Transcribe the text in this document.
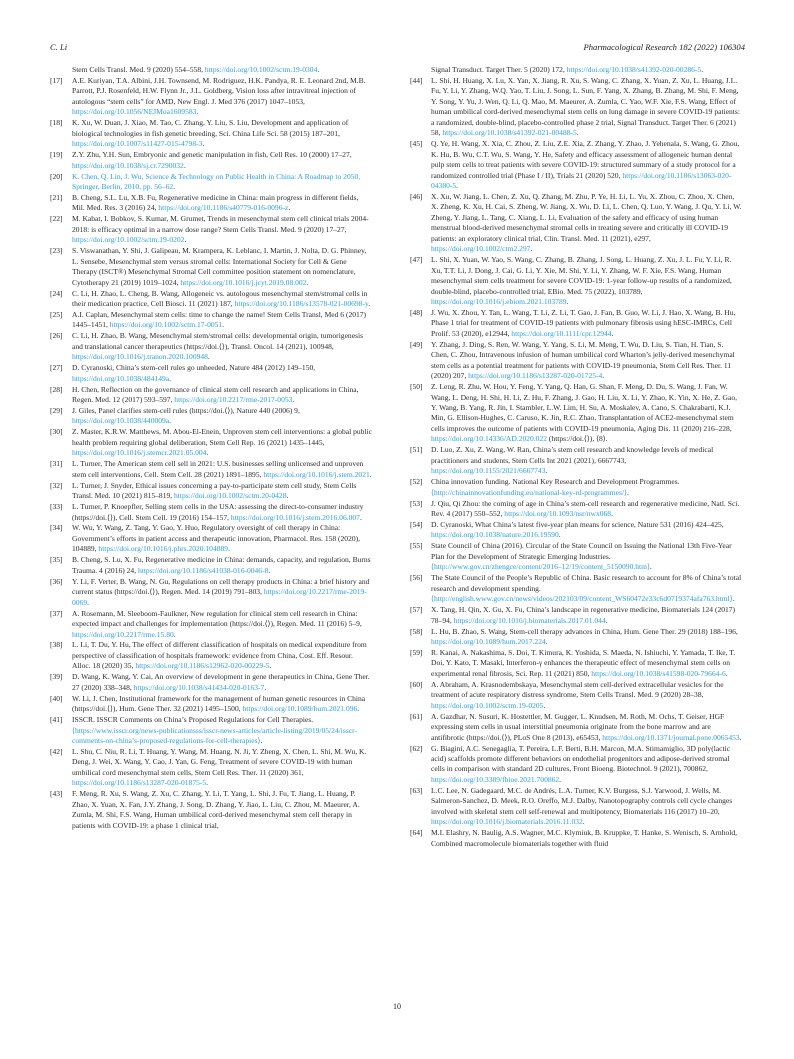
C. Li	Pharmacological Research 182 (2022) 106304
Stem Cells Transl. Med. 9 (2020) 554–558, https://doi.org/10.1002/sctm.19-0304.
[17] A.E. Kuriyan, T.A. Albini, J.H. Townsend, M. Rodriguez, H.K. Pandya, R. E. Leonard 2nd, M.B. Parrott, P.J. Rosenfeld, H.W. Flynn Jr., J.L. Goldberg, Vision loss after intravitreal injection of autologous “stem cells” for AMD, New Engl. J. Med 376 (2017) 1047–1053, https://doi.org/10.1056/NEJMoa1609583.
[18] K. Xu, W. Duan, J. Xiao, M. Tao, C. Zhang, Y. Liu, S. Liu, Development and application of biological technologies in fish genetic breeding, Sci. China Life Sci. 58 (2015) 187–201, https://doi.org/10.1007/s11427-015-4798-3.
[19] Z.Y. Zhu, Y.H. Sun, Embryonic and genetic manipulation in fish, Cell Res. 10 (2000) 17–27, https://doi.org/10.1038/sj.cr.7290032.
[20] K. Chen, Q. Lin, J. Wu, Science & Technology on Public Health in China: A Roadmap to 2050, Springer, Berlin, 2010, pp. 56–62.
[21] B. Cheng, S.L. Lu, X.B. Fu, Regenerative medicine in China: main progress in different fields, Mil. Med. Res. 3 (2016) 24, https://doi.org/10.1186/s40779-016-0096-z.
[22] M. Kabat, I. Bobkov, S. Kumar, M. Grumet, Trends in mesenchymal stem cell clinical trials 2004-2018: is efficacy optimal in a narrow dose range? Stem Cells Transl. Med. 9 (2020) 17–27, https://doi.org/10.1002/sctm.19-0202.
[23] S. Viswanathan, Y. Shi, J. Galipeau, M. Krampera, K. Leblanc, I. Martin, J. Nolta, D. G. Phinney, L. Sensebe, Mesenchymal stem versus stromal cells: International Society for Cell & Gene Therapy (ISCT®) Mesenchymal Stromal Cell committee position statement on nomenclature, Cytotherapy 21 (2019) 1019–1024, https://doi.org/10.1016/j.jcyt.2019.08.002.
[24] C. Li, H. Zhao, L. Cheng, B. Wang, Allogeneic vs. autologous mesenchymal stem/stromal cells in their medication practice, Cell Biosci. 11 (2021) 187, https://doi.org/10.1186/s13578-021-00698-y.
[25] A.I. Caplan, Mesenchymal stem cells: time to change the name! Stem Cells Transl, Med 6 (2017) 1445–1451, https://doi.org/10.1002/sctm.17-0051.
[26] C. Li, H. Zhao, B. Wang, Mesenchymal stem/stromal cells: developmental origin, tumorigenesis and translational cancer therapeutics (https://doi.⟨⟩), Transl. Oncol. 14 (2021), 100948, https://doi.org/10.1016/j.tranon.2020.100948.
[27] D. Cyranoski, China’s stem-cell rules go unheeded, Nature 484 (2012) 149–150, https://doi.org/10.1038/484149a.
[28] H. Chen, Reflection on the governance of clinical stem cell research and applications in China, Regen. Med. 12 (2017) 593–597, https://doi.org/10.2217/rme-2017-0053.
[29] J. Giles, Panel clarifies stem-cell rules (https://doi.⟨⟩), Nature 440 (2006) 9, https://doi.org/10.1038/440009a.
[30] Z. Master, K.R.W. Matthews, M. Abou-El-Enein, Unproven stem cell interventions: a global public health problem requiring global deliberation, Stem Cell Rep. 16 (2021) 1435–1445, https://doi.org/10.1016/j.stemcr.2021.05.004.
[31] L. Turner, The American stem cell sell in 2021: U.S. businesses selling unlicensed and unproven stem cell interventions, Cell. Stem Cell. 28 (2021) 1891–1895, https://doi.org/10.1016/j.stem.2021.
[32] L. Turner, J. Snyder, Ethical issues concerning a pay-to-participate stem cell study, Stem Cells Transl. Med. 10 (2021) 815–819, https://doi.org/10.1002/sctm.20-0428.
[33] L. Turner, P. Knoepfler, Selling stem cells in the USA: assessing the direct-to-consumer industry (https://doi.⟨⟩), Cell. Stem Cell. 19 (2016) 154–157, https://doi.org/10.1016/j.stem.2016.06.007.
[34] W. Wu, Y. Wang, Z. Tang, Y. Gao, Y. Huo, Regulatory oversight of cell therapy in China: Government’s efforts in patient access and therapeutic innovation, Pharmacol. Res. 158 (2020), 104889, https://doi.org/10.1016/j.phrs.2020.104889.
[35] B. Cheng, S. Lu, X. Fu, Regenerative medicine in China: demands, capacity, and regulation, Burns Trauma. 4 (2016) 24, https://doi.org/10.1186/s41038-016-0046-8.
[36] Y. Li, F. Verter, B. Wang, N. Gu, Regulations on cell therapy products in China: a brief history and current status (https://doi.⟨⟩), Regen. Med. 14 (2019) 791–803, https://doi.org/10.2217/rme-2019-0069.
[37] A. Rosemann, M. Sleeboom-Faulkner, New regulation for clinical stem cell research in China: expected impact and challenges for implementation (https://doi.⟨⟩), Regen. Med. 11 (2016) 5–9, https://doi.org/10.2217/rme.15.80.
[38] L. Li, T. Du, Y. Hu, The effect of different classification of hospitals on medical expenditure from perspective of classification of hospitals framework: evidence from China, Cost. Eff. Resour. Alloc. 18 (2020) 35, https://doi.org/10.1186/s12962-020-00229-5.
[39] D. Wang, K. Wang, Y. Cai, An overview of development in gene therapeutics in China, Gene Ther. 27 (2020) 338–348, https://doi.org/10.1038/s41434-020-0163-7.
[40] W. Li, J. Chen, Institutional framework for the management of human genetic resources in China (https://doi.⟨⟩), Hum. Gene Ther. 32 (2021) 1495–1500, https://doi.org/10.1089/hum.2021.096.
[41] ISSCR. ISSCR Comments on China’s Proposed Regulations for Cell Therapies. ⟨https://www.isscr.org/news-publicationsss/isscr-news-articles/article-listing/2019/05/24/isscr-comments-on-china’s-proposed-regulations-for-cell-therapies⟩.
[42] L. Shu, C. Niu, R. Li, T. Huang, Y. Wang, M. Huang, N. Ji, Y. Zheng, X. Chen, L. Shi, M. Wu, K. Deng, J. Wei, X. Wang, Y. Cao, J. Yan, G. Feng, Treatment of severe COVID-19 with human umbilical cord mesenchymal stem cells, Stem Cell Res. Ther. 11 (2020) 361, https://doi.org/10.1186/s13287-020-01875-5.
[43] F. Meng, R. Xu, S. Wang, Z. Xu, C. Zhang, Y. Li, T. Yang, L. Shi, J. Fu, T. Jiang, L. Huang, P. Zhao, X. Yuan, X. Fan, J.Y. Zhang, J. Song, D. Zhang, Y. Jiao, L. Liu, C. Zhou, M. Maeurer, A. Zumla, M. Shi, F.S. Wang, Human umbilical cord-derived mesenchymal stem cell therapy in patients with COVID-19: a phase 1 clinical trial,
Signal Transduct. Target Ther. 5 (2020) 172, https://doi.org/10.1038/s41392-020-00286-5.
[44] L. Shi, H. Huang, X. Lu, X. Yan, X. Jiang, R. Xu, S. Wang, C. Zhang, X. Yuan, Z. Xu, L. Huang, J.L. Fu, Y. Li, Y. Zhang, W.Q. Yao, T. Liu, J. Song, L. Sun, F. Yang, X. Zhang, B. Zhang, M. Shi, F. Meng, Y. Song, Y. Yu, J. Wen, Q. Li, Q. Mao, M. Maeurer, A. Zumla, C. Yao, W.F. Xie, F.S. Wang, Effect of human umbilical cord-derived mesenchymal stem cells on lung damage in severe COVID-19 patients: a randomized, double-blind, placebo-controlled phase 2 trial, Signal Transduct. Target Ther. 6 (2021) 58, https://doi.org/10.1038/s41392-021-00488-5.
[45] Q. Ye, H. Wang, X. Xia, C. Zhou, Z. Liu, Z.E. Xia, Z. Zhang, Y. Zhao, J. Yehenala, S. Wang, G. Zhou, K. Hu, B. Wu, C.T. Wu, S. Wang, Y. He, Safety and efficacy assessment of allogeneic human dental pulp stem cells to treat patients with severe COVID-19: structured summary of a study protocol for a randomized controlled trial (Phase I / II), Trials 21 (2020) 520, https://doi.org/10.1186/s13063-020-04380-5.
[46] X. Xu, W. Jiang, L. Chen, Z. Xu, Q. Zhang, M. Zhu, P. Ye, H. Li, L. Yu, X. Zhou, C. Zhou, X. Chen, X. Zheng, K. Xu, H. Cai, S. Zheng, W. Jiang, X. Wu, D. Li, L. Chen, Q. Luo, Y. Wang, J. Qu, Y. Li, W. Zheng, Y. Jiang, L. Tang, C. Xiang, L. Li, Evaluation of the safety and efficacy of using human menstrual blood-derived mesenchymal stromal cells in treating severe and critically ill COVID-19 patients: an exploratory clinical trial, Clin. Transl. Med. 11 (2021), e297, https://doi.org/10.1002/ctm2.297.
[47] L. Shi, X. Yuan, W. Yao, S. Wang, C. Zhang, B. Zhang, J. Song, L. Huang, Z. Xu, J. L. Fu, Y. Li, R. Xu, T.T. Li, J. Dong, J. Cai, G. Li, Y. Xie, M. Shi, Y. Li, Y. Zhang, W. F. Xie, F.S. Wang, Human mesenchymal stem cells treatment for severe COVID-19: 1-year follow-up results of a randomized, double-blind, placebo-controlled trial, EBio. Med. 75 (2022), 103789, https://doi.org/10.1016/j.ebiom.2021.103789.
[48] J. Wu, X. Zhou, Y. Tan, L. Wang, T. Li, Z. Li, T. Gao, J. Fan, B. Guo, W. Li, J. Hao, X. Wang, B. Hu, Phase 1 trial for treatment of COVID-19 patients with pulmonary fibrosis using hESC-IMRCs, Cell Prolif. 53 (2020), e12944, https://doi.org/10.1111/cpr.12944.
[49] Y. Zhang, J. Ding, S. Ren, W. Wang, Y. Yang, S. Li, M. Meng, T. Wu, D. Liu, S. Tian, H. Tian, S. Chen, C. Zhou, Intravenous infusion of human umbilical cord Wharton’s jelly-derived mesenchymal stem cells as a potential treatment for patients with COVID-19 pneumonia, Stem Cell Res. Ther. 11 (2020) 207, https://doi.org/10.1186/s13287-020-01725-4.
[50] Z. Leng, R. Zhu, W. Hou, Y. Feng, Y. Yang, Q. Han, G. Shan, F. Meng, D. Du, S. Wang, J. Fan, W. Wang, L. Deng, H. Shi, H. Li, Z. Hu, F. Zhang, J. Gao, H. Liu, X. Li, Y. Zhao, K. Yin, X. He, Z. Gao, Y. Wang, B. Yang, R. Jin, I. Stambler, L.W. Lim, H. Su, A. Moskalev, A. Cano, S. Chakrabarti, K.J. Min, G. Ellison-Hughes, C. Caruso, K. Jin, R.C. Zhao, Transplantation of ACE2-mesenchymal stem cells improves the outcome of patients with COVID-19 pneumonia, Aging Dis. 11 (2020) 216–228, https://doi.org/10.14336/AD.2020.022 (https://doi.⟨⟩), ⟨8⟩.
[51] D. Luo, Z. Xu, Z. Wang, W. Ran, China’s stem cell research and knowledge levels of medical practitioners and students, Stem Cells Int 2021 (2021), 6667743, https://doi.org/10.1155/2021/6667743.
[52] China innovation funding. National Key Research and Development Programmes. ⟨http://chinainnovationfunding.eu/national-key-rd-programmes/⟩.
[53] J. Qiu, Qi Zhou: the coming of age in China’s stem-cell research and regenerative medicine, Natl. Sci. Rev. 4 (2017) 550–552, https://doi.org/10.1093/nsr/nwx068.
[54] D. Cyranoski, What China’s latest five-year plan means for science, Nature 531 (2016) 424–425, https://doi.org/10.1038/nature.2016.19590.
[55] State Council of China (2016). Circular of the State Council on Issuing the National 13th Five-Year Plan for the Development of Strategic Emerging Industries. ⟨http://www.gov.cn/zhengce/content/2016–12/19/content_5150090.htm⟩.
[56] The State Council of the People’s Republic of China. Basic research to account for 8% of China’s total research and development spending. ⟨http://english.www.gov.cn/news/videos/202103/09/content_WS60472e33c6d0719374afa763.html⟩.
[57] X. Tang, H. Qin, X. Gu, X. Fu, China’s landscape in regenerative medicine, Biomaterials 124 (2017) 78–94, https://doi.org/10.1016/j.biomaterials.2017.01.044.
[58] L. Hu, B. Zhao, S. Wang, Stem-cell therapy advances in China, Hum. Gene Ther. 29 (2018) 188–196, https://doi.org/10.1089/hum.2017.224.
[59] R. Kanai, A. Nakashima, S. Doi, T. Kimura, K. Yoshida, S. Maeda, N. Ishiuchi, Y. Yamada, T. Ike, T. Doi, Y. Kato, T. Masaki, Interferon-γ enhances the therapeutic effect of mesenchymal stem cells on experimental renal fibrosis, Sci. Rep. 11 (2021) 850, https://doi.org/10.1038/s41598-020-79664-6.
[60] A. Abraham, A. Krasnodembskaya, Mesenchymal stem cell-derived extracellular vesicles for the treatment of acute respiratory distress syndrome, Stem Cells Transl. Med. 9 (2020) 28–38, https://doi.org/10.1002/sctm.19-0205.
[61] A. Gazdhar, N. Susuri, K. Hostettler, M. Gugger, L. Knudsen, M. Roth, M. Ochs, T. Geiser, HGF expressing stem cells in usual interstitial pneumonia originate from the bone marrow and are antifibrotic (https://doi.⟨⟩), PLoS One 8 (2013), e65453, https://doi.org/10.1371/journal.pone.0065453.
[62] G. Biagini, A.C. Senegaglia, T. Pereira, L.F. Berti, B.H. Marcon, M.A. Stimamiglio, 3D poly(lactic acid) scaffolds promote different behaviors on endothelial progenitors and adipose-derived stromal cells in comparison with standard 2D cultures, Front Bioeng. Biotechnol. 9 (2021), 700862, https://doi.org/10.3389/fbioe.2021.700862.
[63] L.C. Lee, N. Gadegaard, M.C. de Andrés, L.A. Turner, K.V. Burgess, S.J. Yarwood, J. Wells, M. Salmeron-Sanchez, D. Meek, R.O. Oreffo, M.J. Dalby, Nanotopography controls cell cycle changes involved with skeletal stem cell self-renewal and multipotency, Biomaterials 116 (2017) 10–20, https://doi.org/10.1016/j.biomaterials.2016.11.032.
[64] M.I. Elashry, N. Baulig, A.S. Wagner, M.C. Klymiuk, B. Kruppke, T. Hanke, S. Wenisch, S. Arnhold, Combined macromolecule biomaterials together with fluid
10
